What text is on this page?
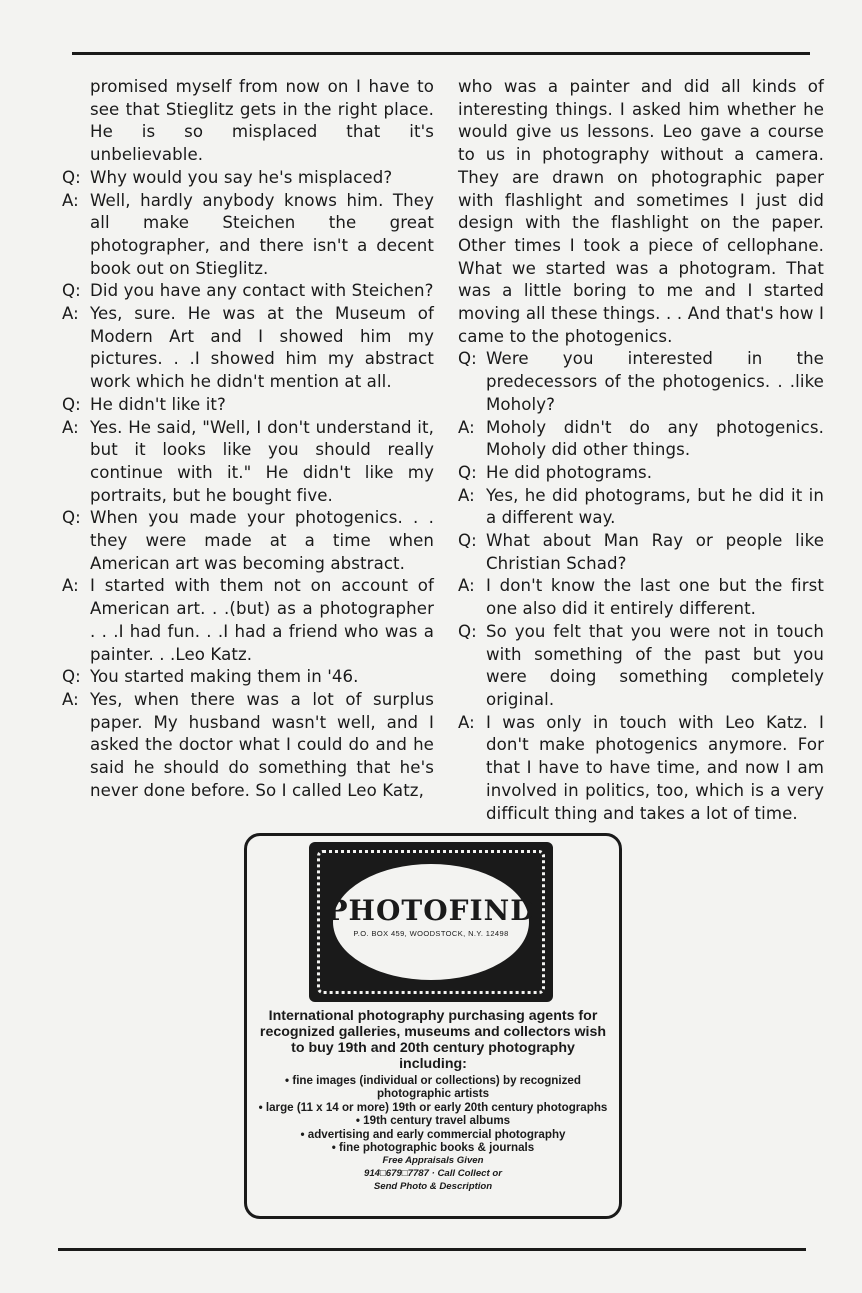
promised myself from now on I have to see that Stieglitz gets in the right place. He is so misplaced that it's unbelievable.
Q: Why would you say he's misplaced?
A: Well, hardly anybody knows him. They all make Steichen the great photographer, and there isn't a decent book out on Stieglitz.
Q: Did you have any contact with Steichen?
A: Yes, sure. He was at the Museum of Modern Art and I showed him my pictures. . .I showed him my abstract work which he didn't mention at all.
Q: He didn't like it?
A: Yes. He said, "Well, I don't understand it, but it looks like you should really continue with it." He didn't like my portraits, but he bought five.
Q: When you made your photogenics. . . they were made at a time when American art was becoming abstract.
A: I started with them not on account of American art. . .(but) as a photographer . . .I had fun. . .I had a friend who was a painter. . .Leo Katz.
Q: You started making them in '46.
A: Yes, when there was a lot of surplus paper. My husband wasn't well, and I asked the doctor what I could do and he said he should do something that he's never done before. So I called Leo Katz,
who was a painter and did all kinds of interesting things. I asked him whether he would give us lessons. Leo gave a course to us in photography without a camera. They are drawn on photographic paper with flashlight and sometimes I just did design with the flashlight on the paper. Other times I took a piece of cellophane. What we started was a photogram. That was a little boring to me and I started moving all these things. . . And that's how I came to the photogenics.
Q: Were you interested in the predecessors of the photogenics. . .like Moholy?
A: Moholy didn't do any photogenics. Moholy did other things.
Q: He did photograms.
A: Yes, he did photograms, but he did it in a different way.
Q: What about Man Ray or people like Christian Schad?
A: I don't know the last one but the first one also did it entirely different.
Q: So you felt that you were not in touch with something of the past but you were doing something completely original.
A: I was only in touch with Leo Katz. I don't make photogenics anymore. For that I have to have time, and now I am involved in politics, too, which is a very difficult thing and takes a lot of time.
PHOTOFIND
P.O. BOX 459, WOODSTOCK, N.Y. 12498
International photography purchasing agents for recognized galleries, museums and collectors wish to buy 19th and 20th century photography including:
• fine images (individual or collections) by recognized photographic artists
• large (11 x 14 or more) 19th or early 20th century photographs
• 19th century travel albums
• advertising and early commercial photography
• fine photographic books & journals
Free Appraisals Given
914□679□7787 · Call Collect or
Send Photo & Description
